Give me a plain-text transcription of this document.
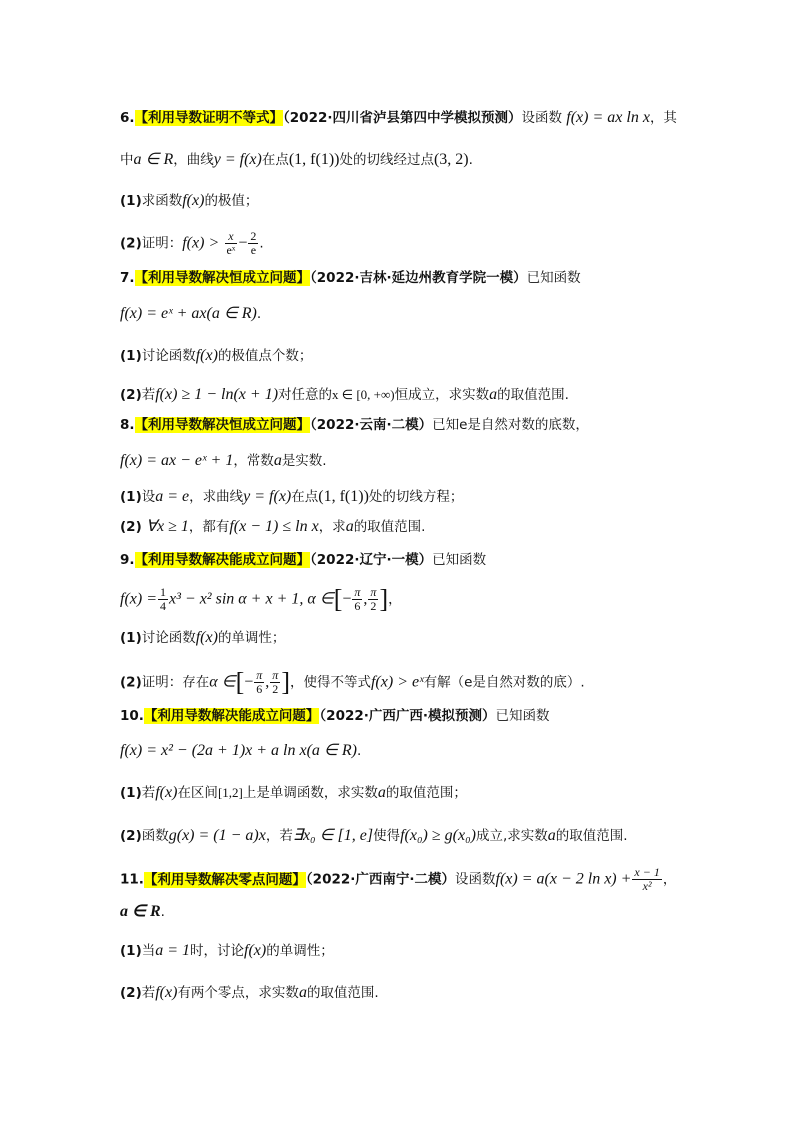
6.【利用导数证明不等式】（2022·四川省泸县第四中学模拟预测）设函数 f(x) = ax ln x，其
中a ∈ R，曲线y = f(x)在点(1, f(1))处的切线经过点(3, 2).
(1)求函数f(x)的极值；
(2)证明：$f(x) > \frac{x}{\text{eˣ}} - \frac{2}{e}$ .
7.【利用导数解决恒成立问题】（2022·吉林·延边州教育学院一模）已知函数
f(x) = eˣ + ax(a ∈ R).
(1)讨论函数f(x)的极值点个数；
(2)若f(x) ≥ 1 − ln(x + 1)对任意的x ∈ [0, +∞)恒成立，求实数a的取值范围.
8.【利用导数解决恒成立问题】（2022·云南·二模）已知e是自然对数的底数，
f(x) = ax − eˣ + 1，常数a是实数.
(1)设a = e，求曲线y = f(x)在点(1, f(1))处的切线方程；
(2) ∀x ≥ 1，都有f(x − 1) ≤ ln x，求a的取值范围.
9.【利用导数解决能成立问题】（2022·辽宁·一模）已知函数
$f(x) = \frac{1}{4} x^3 - x^2$ sin α + x + 1, α ∈[− $\frac{\pi}{6}$ , $\frac{\pi}{2}$ ]，
(1)讨论函数f(x)的单调性；
(2)证明：存在α ∈[− $\frac{\pi}{6}$ , $\frac{\pi}{2}$ ]，使得不等式f(x) > eˣ有解（e是自然对数的底）.
10.【利用导数解决能成立问题】（2022·广西广西·模拟预测）已知函数
f(x) = x² − (2a + 1)x + a ln x(a ∈ R).
(1)若f(x)在区间[1,2]上是单调函数，求实数a的取值范围；
(2)函数g(x) = (1 − a)x，若∃x₀ ∈ [1, e]使得f(x₀) ≥ g(x₀)成立,求实数a的取值范围.
11.【利用导数解决零点问题】（2022·广西南宁·二模）设函数f(x) = a(x − 2 $\ln x) + \frac{x - 1}{\text{x²}}$ ，
a ∈ R.
(1)当a = 1时，讨论f(x)的单调性；
(2)若f(x)有两个零点，求实数a的取值范围.
